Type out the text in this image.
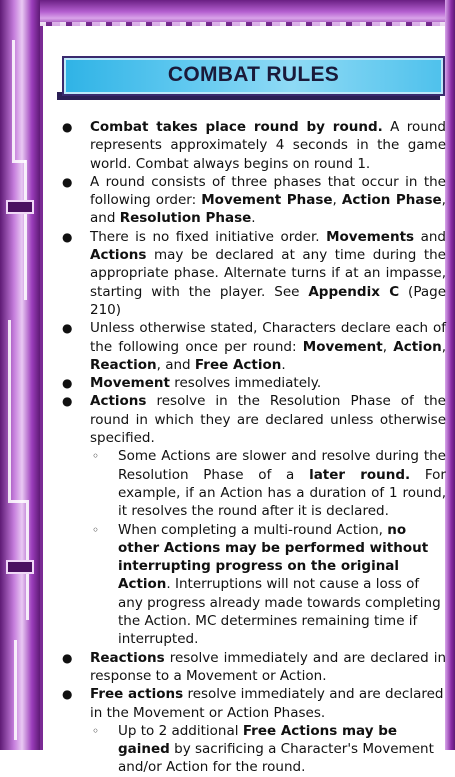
COMBAT RULES
● Combat takes place round by round. A round represents approximately 4 seconds in the game world. Combat always begins on round 1.
● A round consists of three phases that occur in the following order: Movement Phase, Action Phase, and Resolution Phase.
● There is no fixed initiative order. Movements and Actions may be declared at any time during the appropriate phase. Alternate turns if at an impasse, starting with the player. See Appendix C (Page 210)
● Unless otherwise stated, Characters declare each of the following once per round: Movement, Action, Reaction, and Free Action.
● Movement resolves immediately.
● Actions resolve in the Resolution Phase of the round in which they are declared unless otherwise specified.
◦ Some Actions are slower and resolve during the Resolution Phase of a later round. For example, if an Action has a duration of 1 round, it resolves the round after it is declared.
◦ When completing a multi-round Action, no other Actions may be performed without interrupting progress on the original Action. Interruptions will not cause a loss of any progress already made towards completing the Action. MC determines remaining time if interrupted.
● Reactions resolve immediately and are declared in response to a Movement or Action.
● Free actions resolve immediately and are declared in the Movement or Action Phases.
◦ Up to 2 additional Free Actions may be gained by sacrificing a Character's Movement and/or Action for the round.
